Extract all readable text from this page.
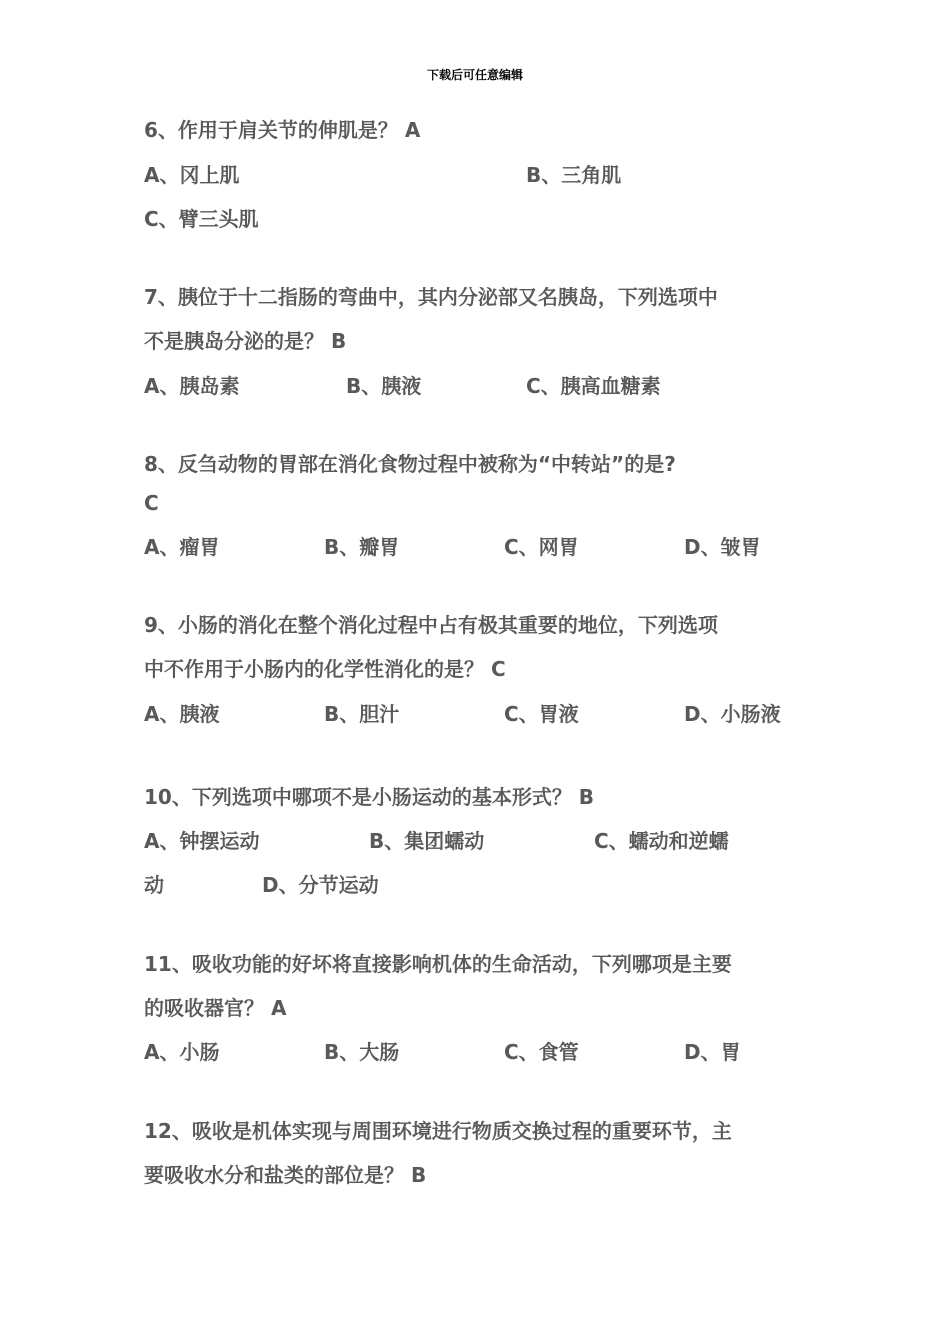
下载后可任意编辑
6、作用于肩关节的伸肌是？ A
A、冈上肌	B、三角肌
C、臂三头肌
7、胰位于十二指肠的弯曲中，其内分泌部又名胰岛，下列选项中
不是胰岛分泌的是？ B
A、胰岛素	B、胰液	C、胰高血糖素
8、反刍动物的胃部在消化食物过程中被称为“中转站”的是?
C
A、瘤胃	B、瓣胃	C、网胃	D、皱胃
9、小肠的消化在整个消化过程中占有极其重要的地位，下列选项
中不作用于小肠内的化学性消化的是？ C
A、胰液	B、胆汁	C、胃液	D、小肠液
10、下列选项中哪项不是小肠运动的基本形式？ B
A、钟摆运动	B、集团蠕动	C、蠕动和逆蠕
动	D、分节运动
11、吸收功能的好坏将直接影响机体的生命活动，下列哪项是主要
的吸收器官？ A
A、小肠	B、大肠	C、食管	D、胃
12、吸收是机体实现与周围环境进行物质交换过程的重要环节，主
要吸收水分和盐类的部位是？ B
